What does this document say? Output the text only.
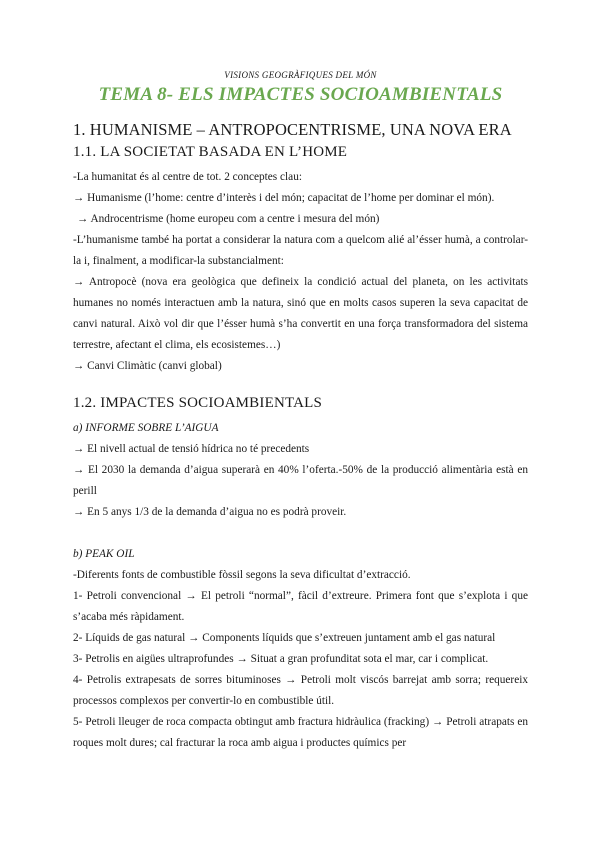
VISIONS GEOGRÀFIQUES DEL MÓN
TEMA 8- ELS IMPACTES SOCIOAMBIENTALS
1. HUMANISME – ANTROPOCENTRISME, UNA NOVA ERA
1.1. LA SOCIETAT BASADA EN L’HOME

-La humanitat és al centre de tot. 2 conceptes clau:

→ Humanisme (l’home: centre d’interès i del món; capacitat de l’home per dominar el món).

→ Androcentrisme (home europeu com a centre i mesura del món)

-L’humanisme també ha portat a considerar la natura com a quelcom alié al’ésser humà, a controlar-la i, finalment, a modificar-la substancialment:

→ Antropocè (nova era geològica que defineix la condició actual del planeta, on les activitats humanes no només interactuen amb la natura, sinó que en molts casos superen la seva capacitat de canvi natural. Això vol dir que l’ésser humà s’ha convertit en una força transformadora del sistema terrestre, afectant el clima, els ecosistemes…)

→ Canvi Climàtic (canvi global)

1.2. IMPACTES SOCIOAMBIENTALS

a) INFORME SOBRE L’AIGUA

→ El nivell actual de tensió hídrica no té precedents

→ El 2030 la demanda d’aigua superarà en 40% l’oferta.-50% de la producció alimentària està en perill

→ En 5 anys 1/3 de la demanda d’aigua no es podrà proveir.

b) PEAK OIL

-Diferents fonts de combustible fòssil segons la seva dificultat d’extracció.

1- Petroli convencional → El petroli “normal”, fàcil d’extreure. Primera font que s’explota i que s’acaba més ràpidament.

2- Líquids de gas natural → Components líquids que s’extreuen juntament amb el gas natural

3- Petrolis en aigües ultraprofundes → Situat a gran profunditat sota el mar, car i complicat.

4- Petrolis extrapesats de sorres bituminoses → Petroli molt viscós barrejat amb sorra; requereix processos complexos per convertir-lo en combustible útil.

5- Petroli lleuger de roca compacta obtingut amb fractura hidràulica (fracking) → Petroli atrapats en roques molt dures; cal fracturar la roca amb aigua i productes químics per
